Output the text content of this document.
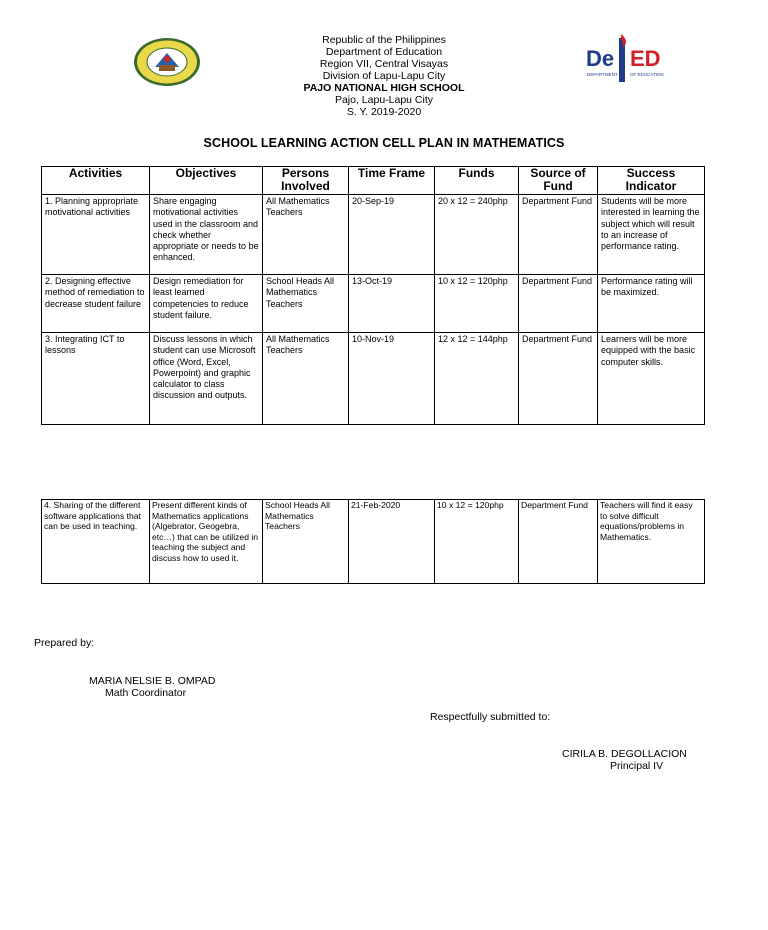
Republic of the Philippines
Department of Education
Region VII, Central Visayas
Division of Lapu-Lapu City
PAJO NATIONAL HIGH SCHOOL
Pajo, Lapu-Lapu City
S. Y. 2019-2020
De ED
DEPARTMENT	OF EDUCATION
SCHOOL LEARNING ACTION CELL PLAN IN MATHEMATICS
Activities	Objectives	Persons Involved	Time Frame	Funds	Source of Fund	Success Indicator
1. Planning appropriate motivational activities	Share engaging motivational activities used in the classroom and check whether appropriate or needs to be enhanced.	All Mathematics Teachers	20-Sep-19	20 x 12 = 240php	Department Fund	Students will be more interested in learning the subject which will result to an increase of performance rating.
2. Designing effective method of remediation to decrease student failure	Design remediation for least learned competencies to reduce student failure.	School Heads All Mathematics Teachers	13-Oct-19	10 x 12 = 120php	Department Fund	Performance rating will be maximized.
3. Integrating ICT to lessons	Discuss lessons in which student can use Microsoft office (Word, Excel, Powerpoint) and graphic calculator to class discussion and outputs.	All Mathematics Teachers	10-Nov-19	12 x 12 = 144php	Department Fund	Learners will be more equipped with the basic computer skills.
4. Sharing of the different software applications that can be used in teaching.	Present different kinds of Mathematics applications (Algebrator, Geogebra, etc…) that can be utilized in teaching the subject and discuss how to used it.	School Heads All Mathematics Teachers	21-Feb-2020	10 x 12 = 120php	Department Fund	Teachers will find it easy to solve difficult equations/problems in Mathematics.
Prepared by:
MARIA NELSIE B. OMPAD
Math Coordinator
Respectfully submitted to:
CIRILA B. DEGOLLACION
Principal IV
